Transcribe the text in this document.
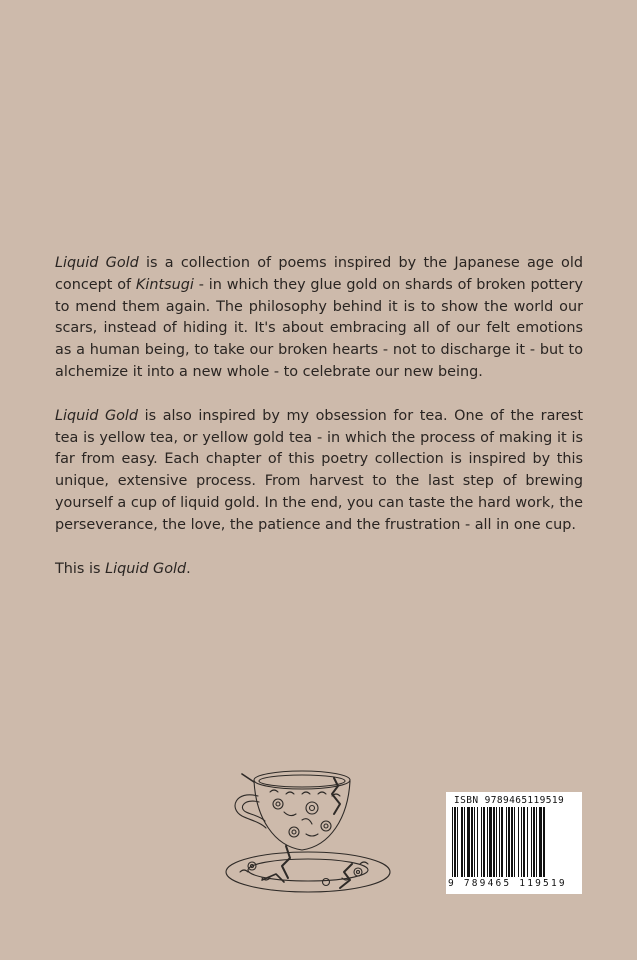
Liquid Gold is a collection of poems inspired by the Japanese age old concept of Kintsugi - in which they glue gold on shards of broken pottery to mend them again. The philosophy behind it is to show the world our scars, instead of hiding it. It's about embracing all of our felt emotions as a human being, to take our broken hearts - not to discharge it - but to alchemize it into a new whole - to celebrate our new being.

Liquid Gold is also inspired by my obsession for tea. One of the rarest tea is yellow tea, or yellow gold tea - in which the process of making it is far from easy. Each chapter of this poetry collection is inspired by this unique, extensive process. From harvest to the last step of brewing yourself a cup of liquid gold. In the end, you can taste the hard work, the perseverance, the love, the patience and the frustration - all in one cup.

This is Liquid Gold.

ISBN 9789465119519
9 789465 119519
